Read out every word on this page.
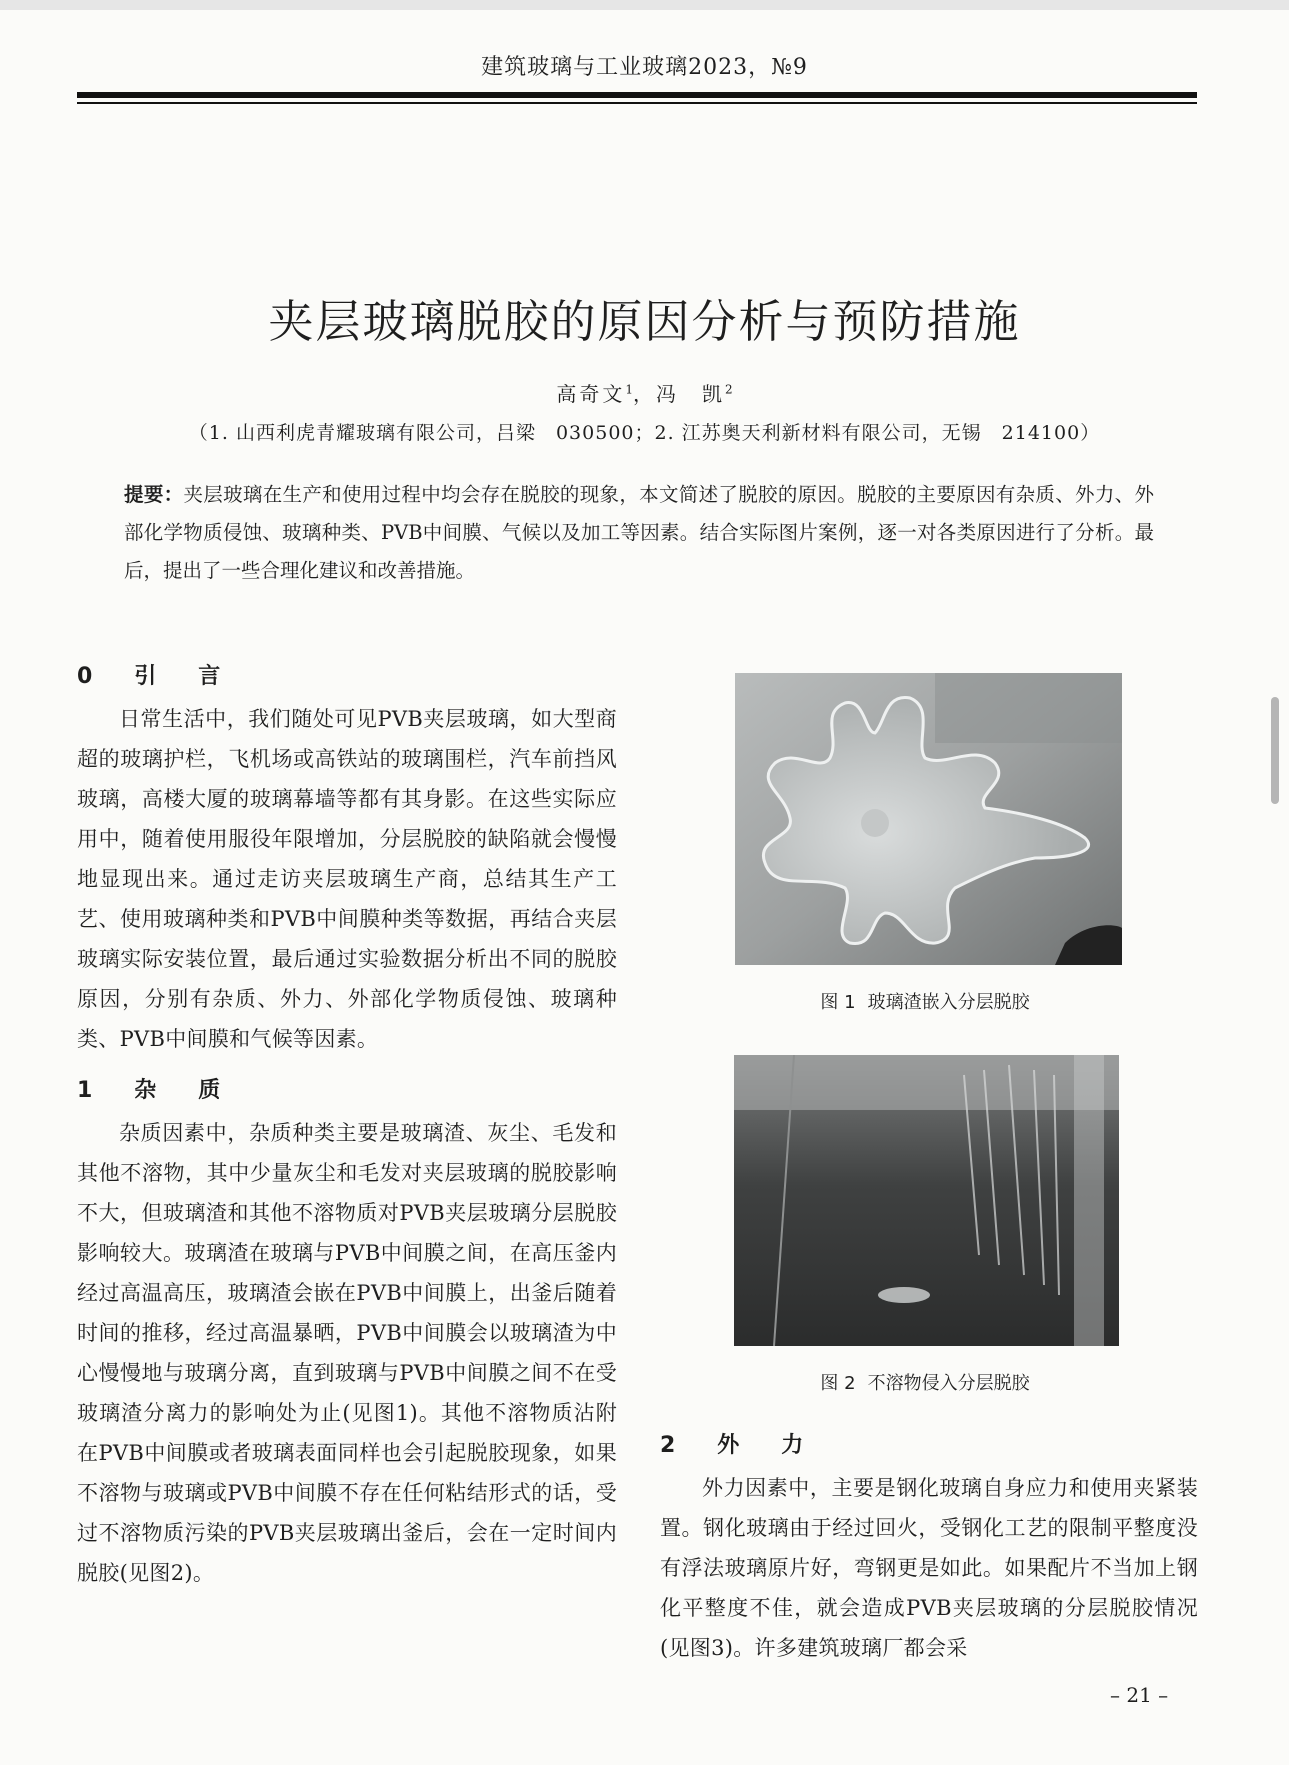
建筑玻璃与工业玻璃2023，№9
夹层玻璃脱胶的原因分析与预防措施
高奇文$^1$，冯　凯$^2$
（1. 山西利虎青耀玻璃有限公司，吕梁　030500；2. 江苏奥天利新材料有限公司，无锡　214100）
提要：夹层玻璃在生产和使用过程中均会存在脱胶的现象，本文简述了脱胶的原因。脱胶的主要原因有杂质、外力、外部化学物质侵蚀、玻璃种类、PVB中间膜、气候以及加工等因素。结合实际图片案例，逐一对各类原因进行了分析。最后，提出了一些合理化建议和改善措施。
0　引　言

日常生活中，我们随处可见PVB夹层玻璃，如大型商超的玻璃护栏，飞机场或高铁站的玻璃围栏，汽车前挡风玻璃，高楼大厦的玻璃幕墙等都有其身影。在这些实际应用中，随着使用服役年限增加，分层脱胶的缺陷就会慢慢地显现出来。通过走访夹层玻璃生产商，总结其生产工艺、使用玻璃种类和PVB中间膜种类等数据，再结合夹层玻璃实际安装位置，最后通过实验数据分析出不同的脱胶原因，分别有杂质、外力、外部化学物质侵蚀、玻璃种类、PVB中间膜和气候等因素。

1　杂　质

杂质因素中，杂质种类主要是玻璃渣、灰尘、毛发和其他不溶物，其中少量灰尘和毛发对夹层玻璃的脱胶影响不大，但玻璃渣和其他不溶物质对PVB夹层玻璃分层脱胶影响较大。玻璃渣在玻璃与PVB中间膜之间，在高压釜内经过高温高压，玻璃渣会嵌在PVB中间膜上，出釜后随着时间的推移，经过高温暴晒，PVB中间膜会以玻璃渣为中心慢慢地与玻璃分离，直到玻璃与PVB中间膜之间不在受玻璃渣分离力的影响处为止(见图1)。其他不溶物质沾附在PVB中间膜或者玻璃表面同样也会引起脱胶现象，如果不溶物与玻璃或PVB中间膜不存在任何粘结形式的话，受过不溶物质污染的PVB夹层玻璃出釜后，会在一定时间内脱胶(见图2)。

图 1 玻璃渣嵌入分层脱胶
图 2 不溶物侵入分层脱胶
2　外　力

外力因素中，主要是钢化玻璃自身应力和使用夹紧装置。钢化玻璃由于经过回火，受钢化工艺的限制平整度没有浮法玻璃原片好，弯钢更是如此。如果配片不当加上钢化平整度不佳，就会造成PVB夹层玻璃的分层脱胶情况(见图3)。许多建筑玻璃厂都会采

– 21 –
